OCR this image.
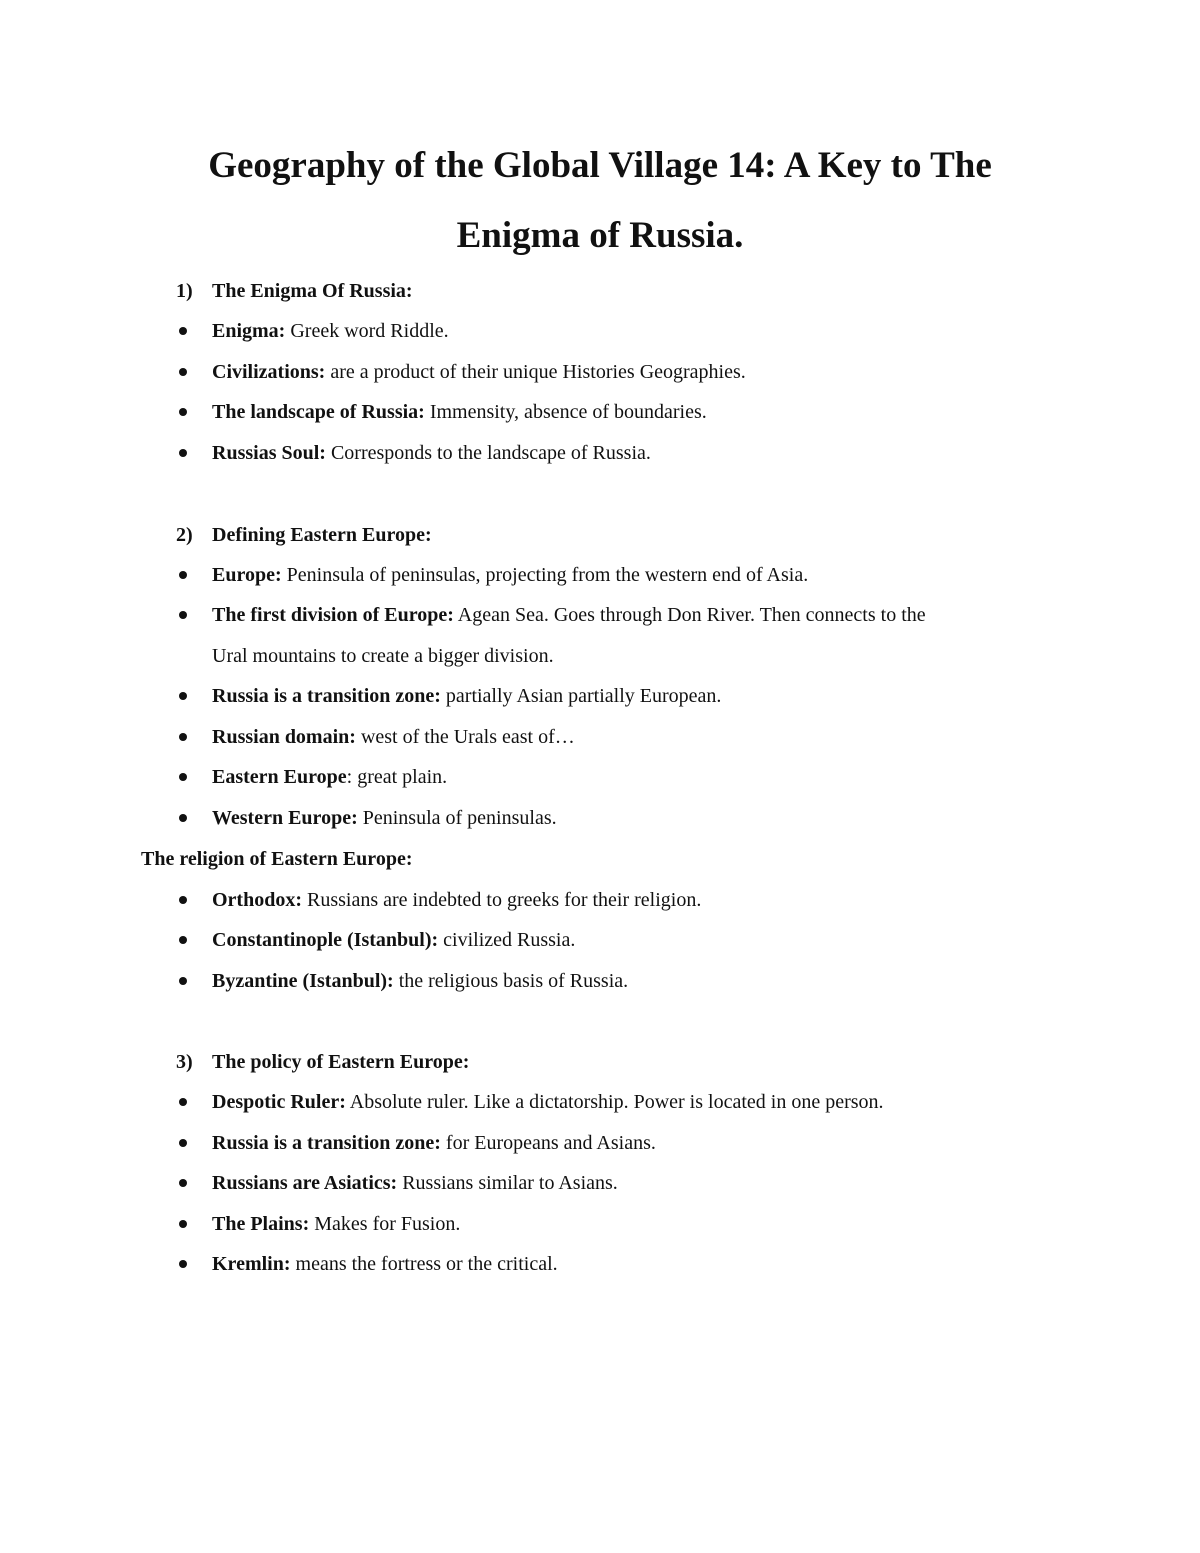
Geography of the Global Village 14: A Key to The
Enigma of Russia.
1) The Enigma Of Russia:
Enigma: Greek word Riddle.
Civilizations: are a product of their unique Histories Geographies.
The landscape of Russia: Immensity, absence of boundaries.
Russias Soul: Corresponds to the landscape of Russia.
2) Defining Eastern Europe:
Europe: Peninsula of peninsulas, projecting from the western end of Asia.
The first division of Europe: Agean Sea. Goes through Don River. Then connects to the
Ural mountains to create a bigger division.
Russia is a transition zone: partially Asian partially European.
Russian domain: west of the Urals east of…
Eastern Europe: great plain.
Western Europe: Peninsula of peninsulas.
The religion of Eastern Europe:
Orthodox: Russians are indebted to greeks for their religion.
Constantinople (Istanbul): civilized Russia.
Byzantine (Istanbul): the religious basis of Russia.
3) The policy of Eastern Europe:
Despotic Ruler: Absolute ruler. Like a dictatorship. Power is located in one person.
Russia is a transition zone: for Europeans and Asians.
Russians are Asiatics: Russians similar to Asians.
The Plains: Makes for Fusion.
Kremlin: means the fortress or the critical.
